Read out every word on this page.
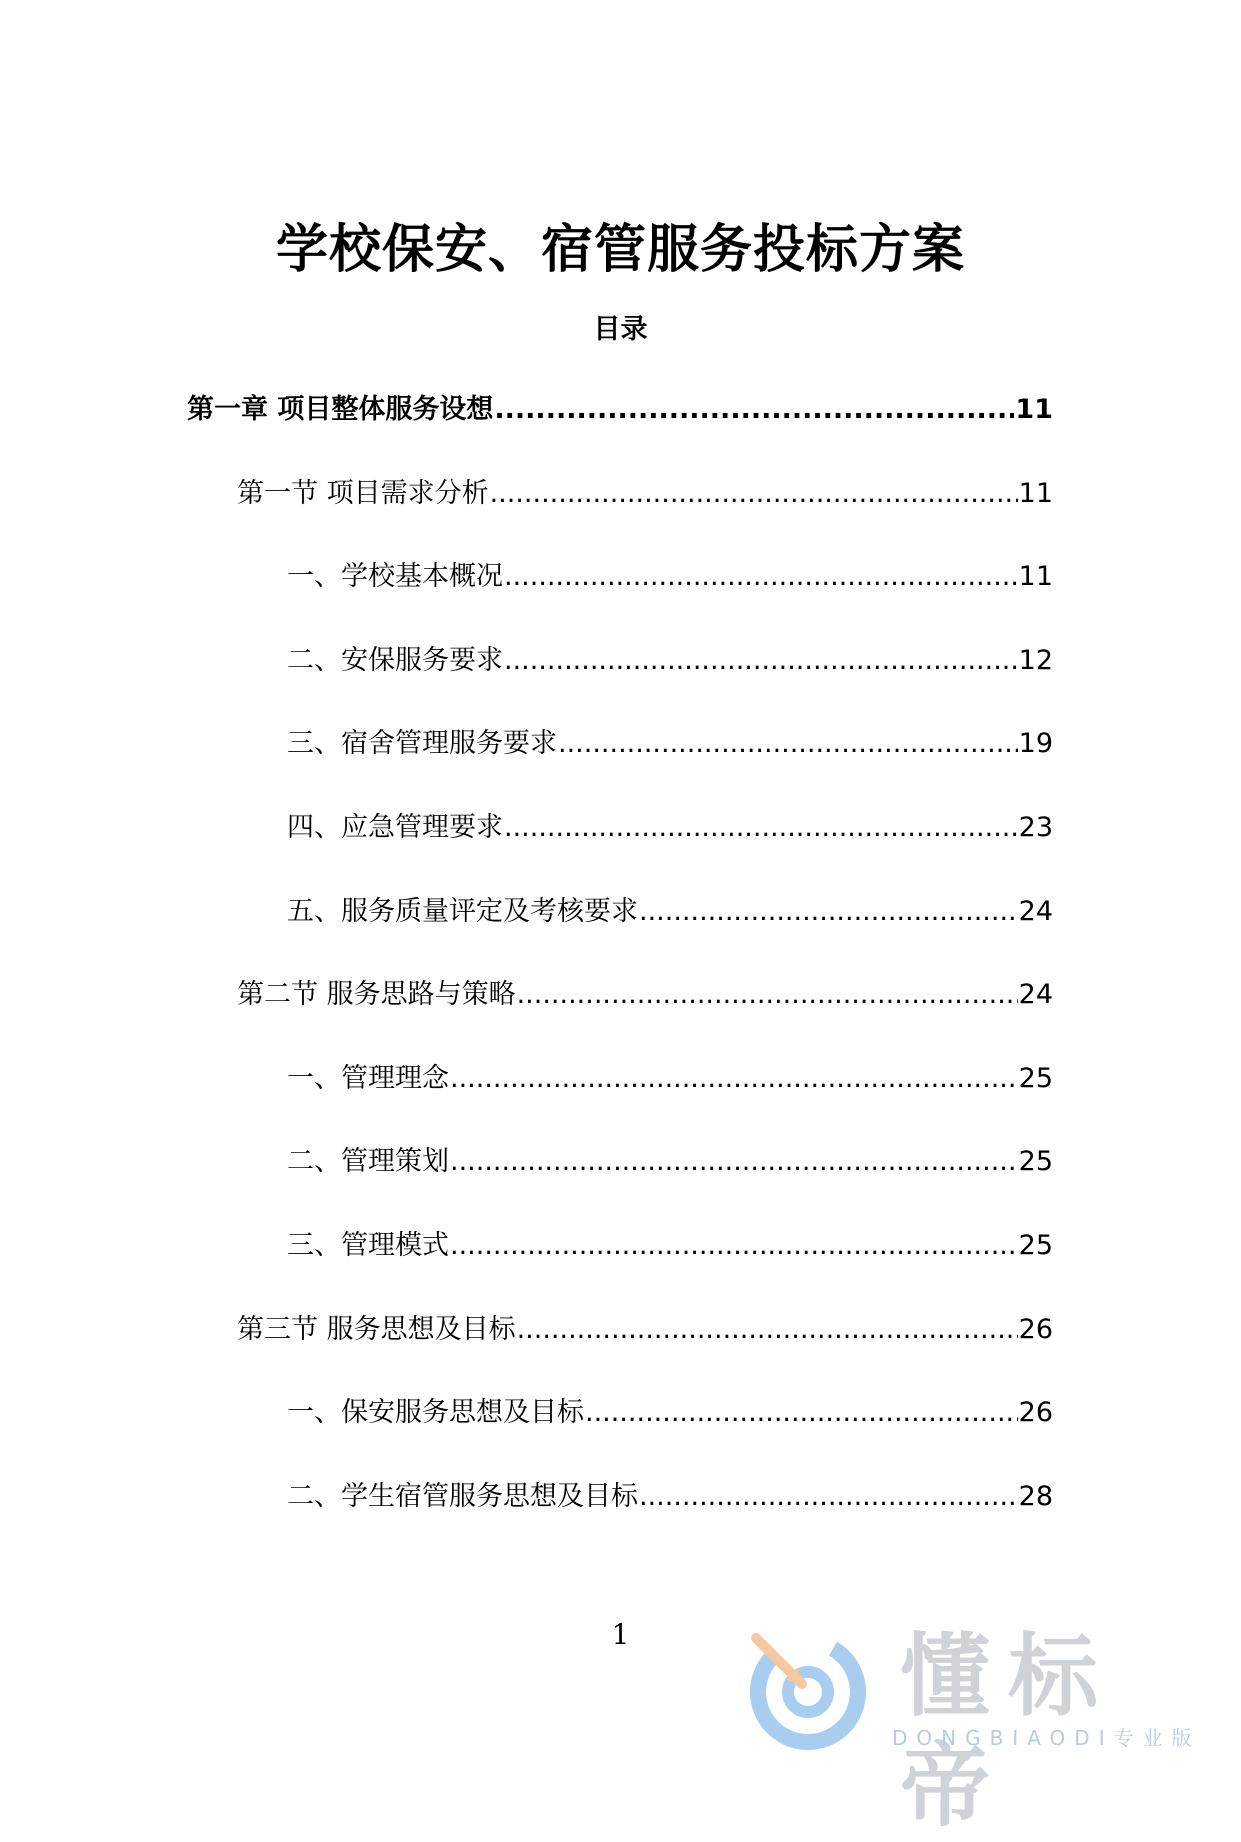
学校保安、宿管服务投标方案
目录
第一章 项目整体服务设想 .....	11
第一节 项目需求分析 .....	11
一、学校基本概况 .....	11
二、安保服务要求 .....	12
三、宿舍管理服务要求 .....	19
四、应急管理要求 .....	23
五、服务质量评定及考核要求 .....	24
第二节 服务思路与策略 .....	24
一、管理理念 .....	25
二、管理策划 .....	25
三、管理模式 .....	25
第三节 服务思想及目标 .....	26
一、保安服务思想及目标 .....	26
二、学生宿管服务思想及目标 .....	28
1	懂标帝
DONGBIAODI专业版
